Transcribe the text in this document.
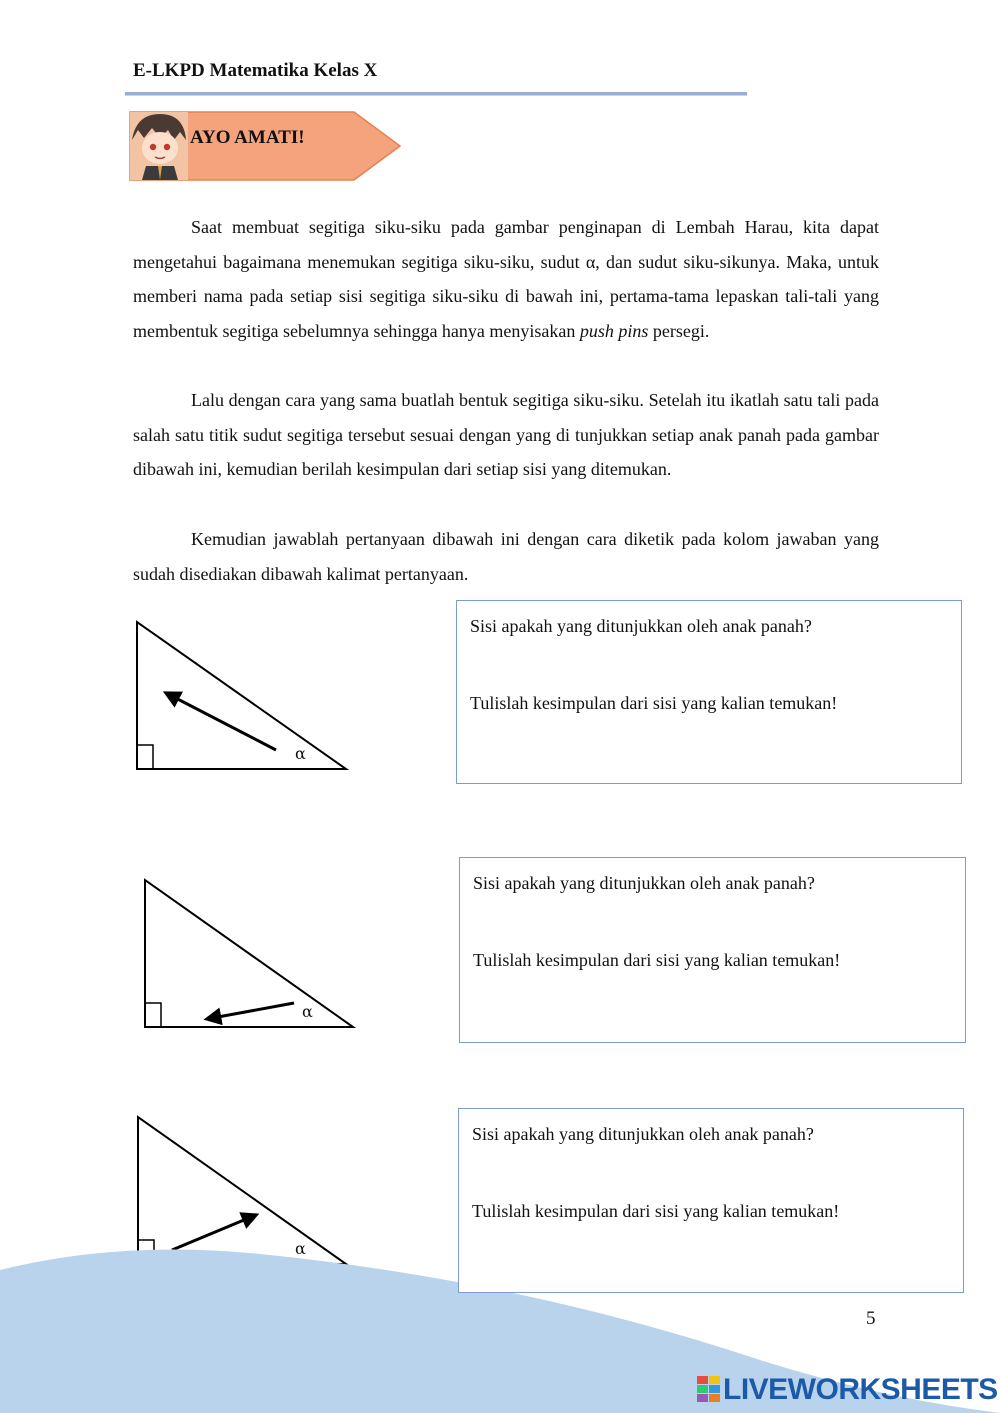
E-LKPD Matematika Kelas X
AYO AMATI!

Saat membuat segitiga siku-siku pada gambar penginapan di Lembah Harau, kita dapat mengetahui bagaimana menemukan segitiga siku-siku, sudut α, dan sudut siku-sikunya. Maka, untuk memberi nama pada setiap sisi segitiga siku-siku di bawah ini, pertama-tama lepaskan tali-tali yang membentuk segitiga sebelumnya sehingga hanya menyisakan push pins persegi.

Lalu dengan cara yang sama buatlah bentuk segitiga siku-siku. Setelah itu ikatlah satu tali pada salah satu titik sudut segitiga tersebut sesuai dengan yang di tunjukkan setiap anak panah pada gambar dibawah ini, kemudian berilah kesimpulan dari setiap sisi yang ditemukan.

Kemudian jawablah pertanyaan dibawah ini dengan cara diketik pada kolom jawaban yang sudah disediakan dibawah kalimat pertanyaan.

α
α
α
Sisi apakah yang ditunjukkan oleh anak panah?
Tulislah kesimpulan dari sisi yang kalian temukan!
Sisi apakah yang ditunjukkan oleh anak panah?
Tulislah kesimpulan dari sisi yang kalian temukan!
Sisi apakah yang ditunjukkan oleh anak panah?
Tulislah kesimpulan dari sisi yang kalian temukan!
5
LIVEWORKSHEETS
